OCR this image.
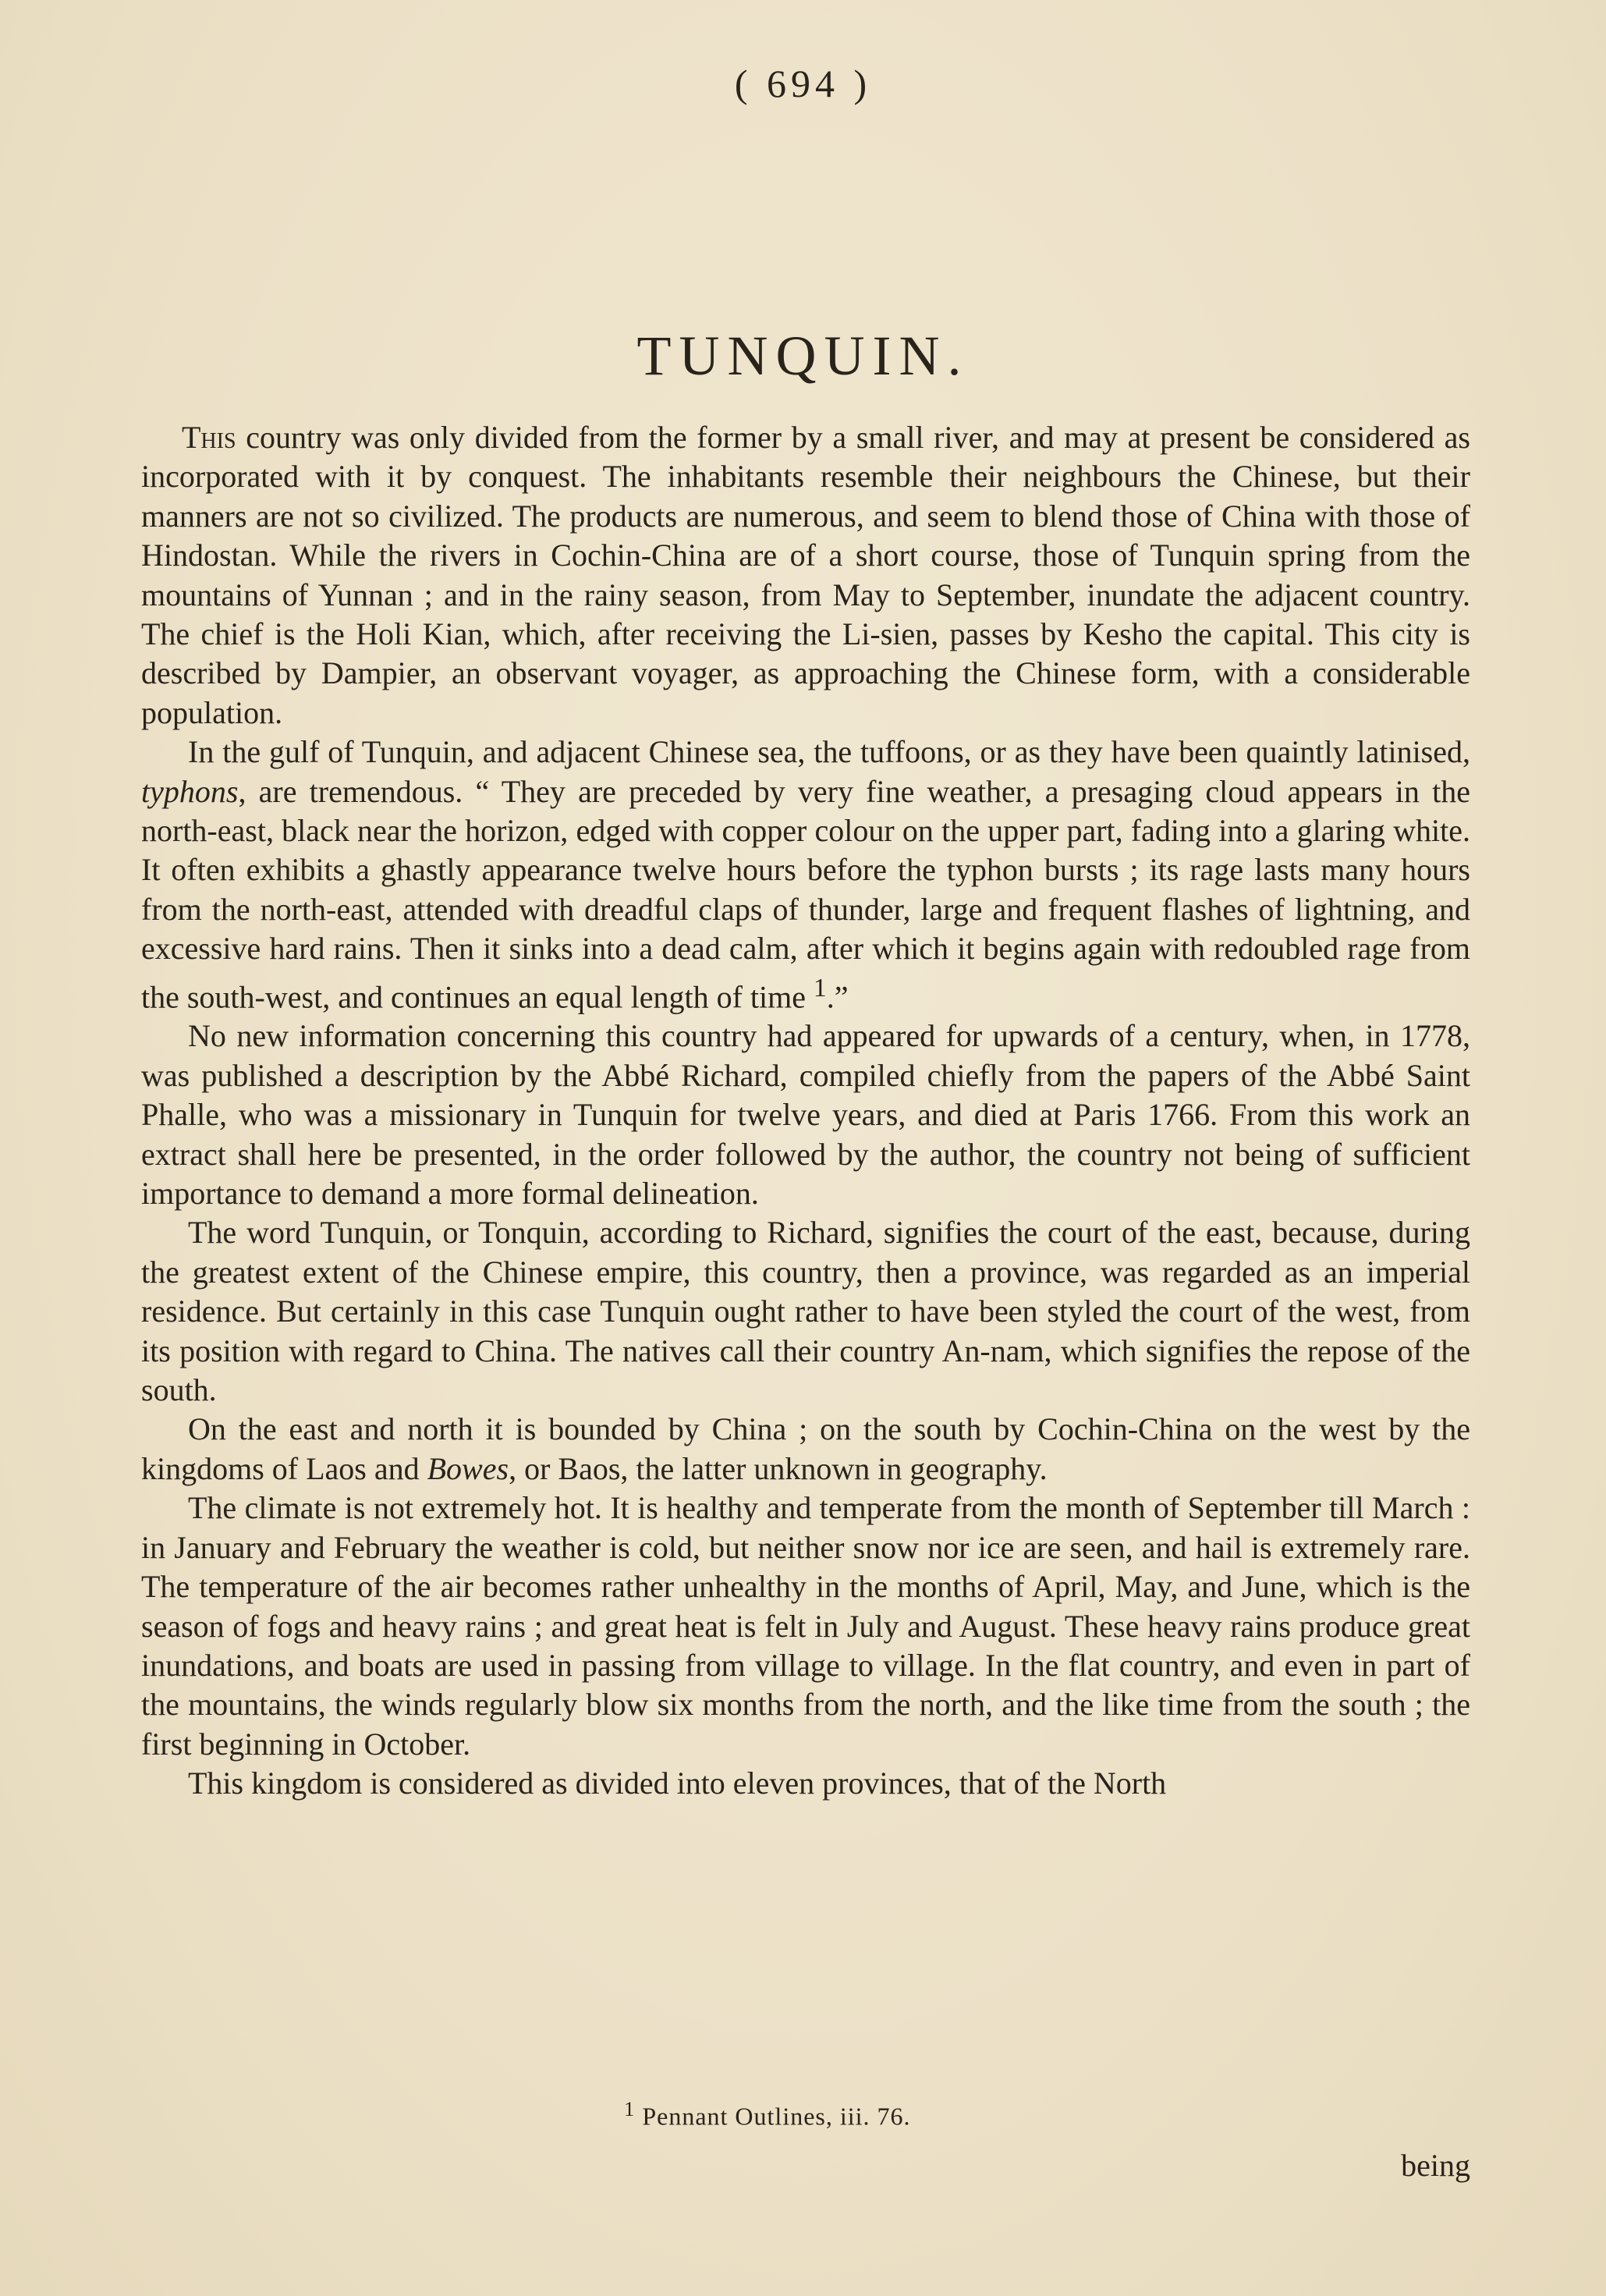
( 694 )
TUNQUIN.

This country was only divided from the former by a small river, and may at present be considered as incorporated with it by conquest. The inhabitants resemble their neighbours the Chinese, but their manners are not so civilized. The products are numerous, and seem to blend those of China with those of Hindostan. While the rivers in Cochin-China are of a short course, those of Tunquin spring from the mountains of Yunnan ; and in the rainy season, from May to September, inundate the adjacent country. The chief is the Holi Kian, which, after receiving the Li-sien, passes by Kesho the capital. This city is described by Dampier, an observant voyager, as approaching the Chinese form, with a considerable population.

In the gulf of Tunquin, and adjacent Chinese sea, the tuffoons, or as they have been quaintly latinised, typhons, are tremendous. “ They are preceded by very fine weather, a presaging cloud appears in the north-east, black near the horizon, edged with copper colour on the upper part, fading into a glaring white. It often exhibits a ghastly appearance twelve hours before the typhon bursts ; its rage lasts many hours from the north-east, attended with dreadful claps of thunder, large and frequent flashes of lightning, and excessive hard rains. Then it sinks into a dead calm, after which it begins again with redoubled rage from the south-west, and continues an equal length of time $^1$.”

No new information concerning this country had appeared for upwards of a century, when, in 1778, was published a description by the Abbé Richard, compiled chiefly from the papers of the Abbé Saint Phalle, who was a missionary in Tunquin for twelve years, and died at Paris 1766. From this work an extract shall here be presented, in the order followed by the author, the country not being of sufficient importance to demand a more formal delineation.

The word Tunquin, or Tonquin, according to Richard, signifies the court of the east, because, during the greatest extent of the Chinese empire, this country, then a province, was regarded as an imperial residence. But certainly in this case Tunquin ought rather to have been styled the court of the west, from its position with regard to China. The natives call their country An-nam, which signifies the repose of the south.

On the east and north it is bounded by China ; on the south by Cochin-China on the west by the kingdoms of Laos and Bowes, or Baos, the latter unknown in geography.

The climate is not extremely hot. It is healthy and temperate from the month of September till March : in January and February the weather is cold, but neither snow nor ice are seen, and hail is extremely rare. The temperature of the air becomes rather unhealthy in the months of April, May, and June, which is the season of fogs and heavy rains ; and great heat is felt in July and August. These heavy rains produce great inundations, and boats are used in passing from village to village. In the flat country, and even in part of the mountains, the winds regularly blow six months from the north, and the like time from the south ; the first beginning in October.

This kingdom is considered as divided into eleven provinces, that of the North

$^1$ Pennant Outlines, iii. 76.
being
